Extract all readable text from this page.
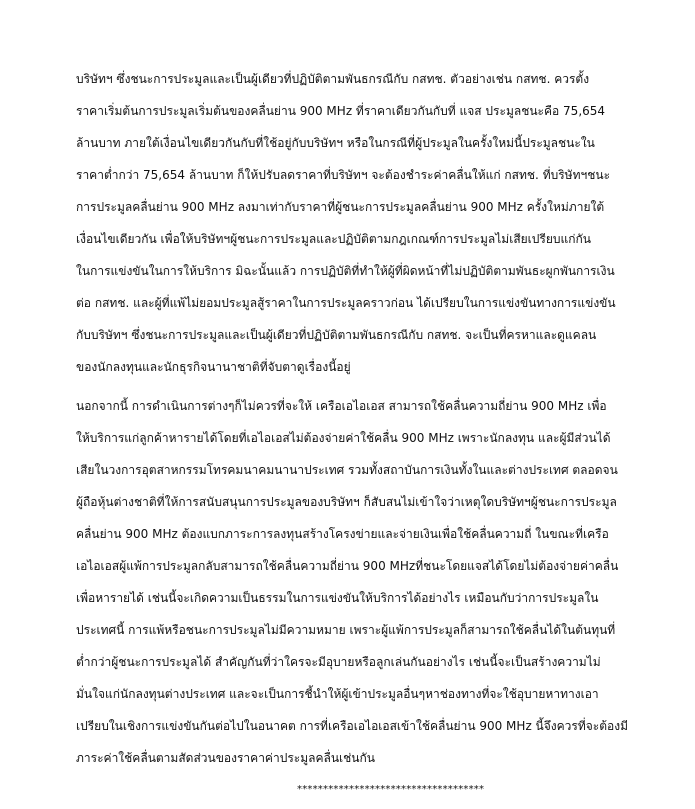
บริษัทฯ ซึ่งชนะการประมูลและเป็นผู้เดียวที่ปฏิบัติตามพันธกรณีกับ กสทช. ตัวอย่างเช่น กสทช. ควรตั้ง
ราคาเริ่มต้นการประมูลเริ่มต้นของคลื่นย่าน 900 MHz ที่ราคาเดียวกันกับที่ แจส ประมูลชนะคือ 75,654
ล้านบาท ภายใต้เงื่อนไขเดียวกันกับที่ใช้อยู่กับบริษัทฯ หรือในกรณีที่ผู้ประมูลในครั้งใหม่นี้ประมูลชนะใน
ราคาต่ำกว่า 75,654 ล้านบาท ก็ให้ปรับลดราคาที่บริษัทฯ จะต้องชำระค่าคลื่นให้แก่ กสทช. ที่บริษัทฯชนะ
การประมูลคลื่นย่าน 900 MHz ลงมาเท่ากับราคาที่ผู้ชนะการประมูลคลื่นย่าน 900 MHz ครั้งใหม่ภายใต้
เงื่อนไขเดียวกัน เพื่อให้บริษัทฯผู้ชนะการประมูลและปฏิบัติตามกฎเกณฑ์การประมูลไม่เสียเปรียบแก่กัน
ในการแข่งขันในการให้บริการ มิฉะนั้นแล้ว การปฏิบัติที่ทำให้ผู้ที่ผิดหน้าที่ไม่ปฏิบัติตามพันธะผูกพันการเงิน
ต่อ กสทช. และผู้ที่แพ้ไม่ยอมประมูลสู้ราคาในการประมูลคราวก่อน ได้เปรียบในการแข่งขันทางการแข่งขัน
กับบริษัทฯ ซึ่งชนะการประมูลและเป็นผู้เดียวที่ปฏิบัติตามพันธกรณีกับ กสทช. จะเป็นที่ครหาและดูแคลน
ของนักลงทุนและนักธุรกิจนานาชาติที่จับตาดูเรื่องนี้อยู่
นอกจากนี้ การดำเนินการต่างๆก็ไม่ควรที่จะให้ เครือเอไอเอส สามารถใช้คลื่นความถี่ย่าน 900 MHz เพื่อ
ให้บริการแก่ลูกค้าหารายได้โดยที่เอไอเอสไม่ต้องจ่ายค่าใช้คลื่น 900 MHz เพราะนักลงทุน และผู้มีส่วนได้
เสียในวงการอุตสาหกรรมโทรคมนาคมนานาประเทศ รวมทั้งสถาบันการเงินทั้งในและต่างประเทศ ตลอดจน
ผู้ถือหุ้นต่างชาติที่ให้การสนับสนุนการประมูลของบริษัทฯ ก็สับสนไม่เข้าใจว่าเหตุใดบริษัทฯผู้ชนะการประมูล
คลื่นย่าน 900 MHz ต้องแบกภาระการลงทุนสร้างโครงข่ายและจ่ายเงินเพื่อใช้คลื่นความถี่ ในขณะที่เครือ
เอไอเอสผู้แพ้การประมูลกลับสามารถใช้คลื่นความถี่ย่าน 900 MHzที่ชนะโดยแจสได้โดยไม่ต้องจ่ายค่าคลื่น
เพื่อหารายได้ เช่นนี้จะเกิดความเป็นธรรมในการแข่งขันให้บริการได้อย่างไร เหมือนกับว่าการประมูลใน
ประเทศนี้ การแพ้หรือชนะการประมูลไม่มีความหมาย เพราะผู้แพ้การประมูลก็สามารถใช้คลื่นได้ในต้นทุนที่
ต่ำกว่าผู้ชนะการประมูลได้ สำคัญกันที่ว่าใครจะมีอุบายหรือลูกเล่นกันอย่างไร เช่นนี้จะเป็นสร้างความไม่
มั่นใจแก่นักลงทุนต่างประเทศ และจะเป็นการชี้นำให้ผู้เข้าประมูลอื่นๆหาช่องทางที่จะใช้อุบายหาทางเอา
เปรียบในเชิงการแข่งขันกันต่อไปในอนาคต การที่เครือเอไอเอสเข้าใช้คลื่นย่าน 900 MHz นี้จึงควรที่จะต้องมี
ภาระค่าใช้คลื่นตามสัดส่วนของราคาค่าประมูลคลื่นเช่นกัน
************************************
